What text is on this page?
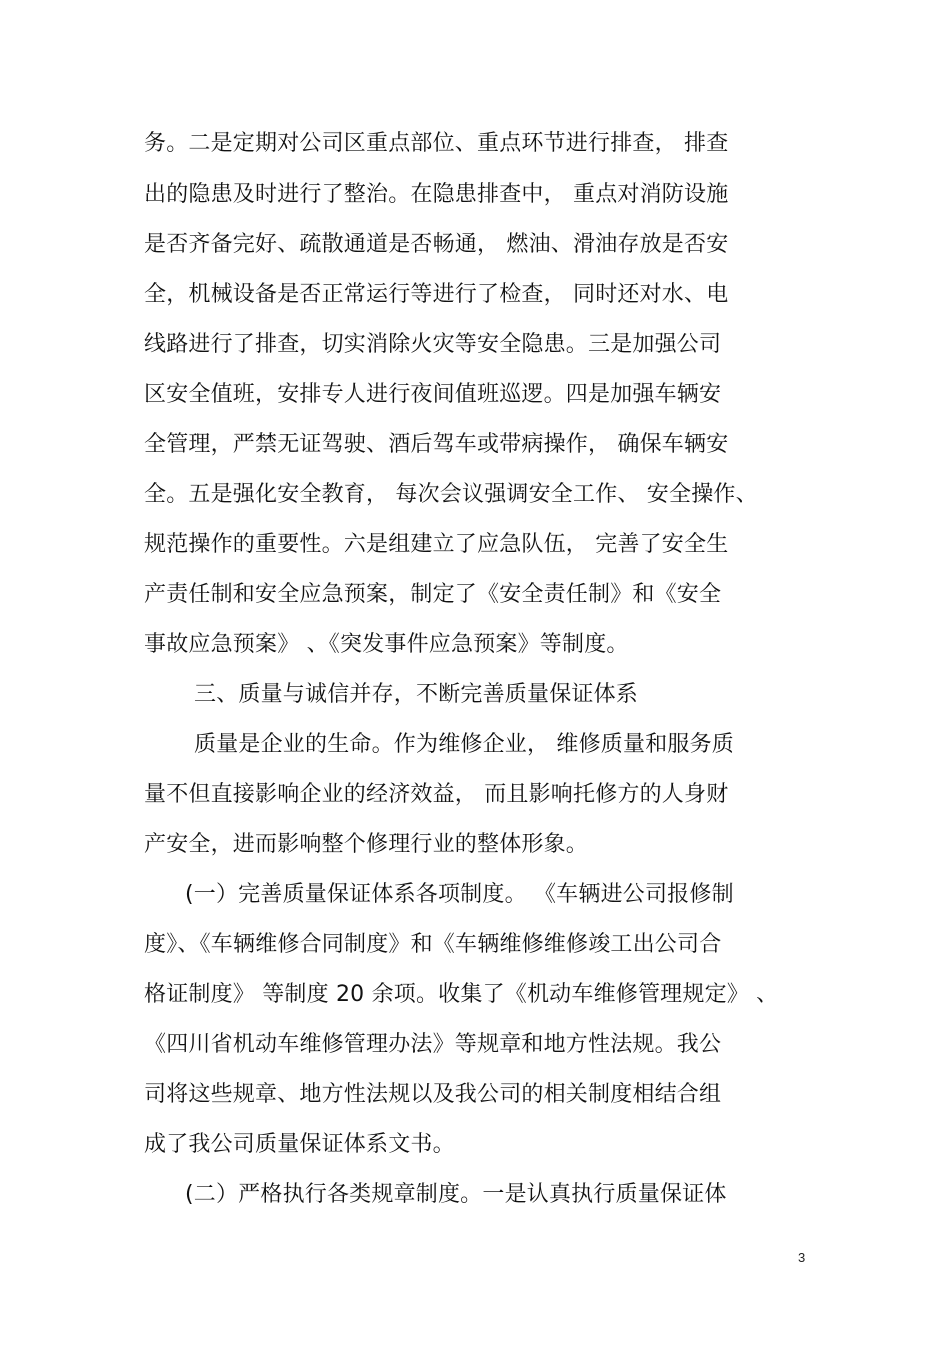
务。二是定期对公司区重点部位、重点环节进行排查， 排查
出的隐患及时进行了整治。在隐患排查中， 重点对消防设施
是否齐备完好、疏散通道是否畅通， 燃油、滑油存放是否安
全，机械设备是否正常运行等进行了检查， 同时还对水、电
线路进行了排查，切实消除火灾等安全隐患。三是加强公司
区安全值班，安排专人进行夜间值班巡逻。四是加强车辆安
全管理，严禁无证驾驶、酒后驾车或带病操作， 确保车辆安
全。五是强化安全教育， 每次会议强调安全工作、 安全操作、
规范操作的重要性。六是组建立了应急队伍， 完善了安全生
产责任制和安全应急预案，制定了《安全责任制》和《安全
事故应急预案》 、《突发事件应急预案》等制度。
三、质量与诚信并存，不断完善质量保证体系
质量是企业的生命。作为维修企业， 维修质量和服务质
量不但直接影响企业的经济效益， 而且影响托修方的人身财
产安全，进而影响整个修理行业的整体形象。
(一）完善质量保证体系各项制度。 《车辆进公司报修制
度》、《车辆维修合同制度》和《车辆维修维修竣工出公司合
格证制度》 等制度 20 余项。收集了《机动车维修管理规定》 、
《四川省机动车维修管理办法》等规章和地方性法规。我公
司将这些规章、地方性法规以及我公司的相关制度相结合组
成了我公司质量保证体系文书。
(二）严格执行各类规章制度。一是认真执行质量保证体
3
